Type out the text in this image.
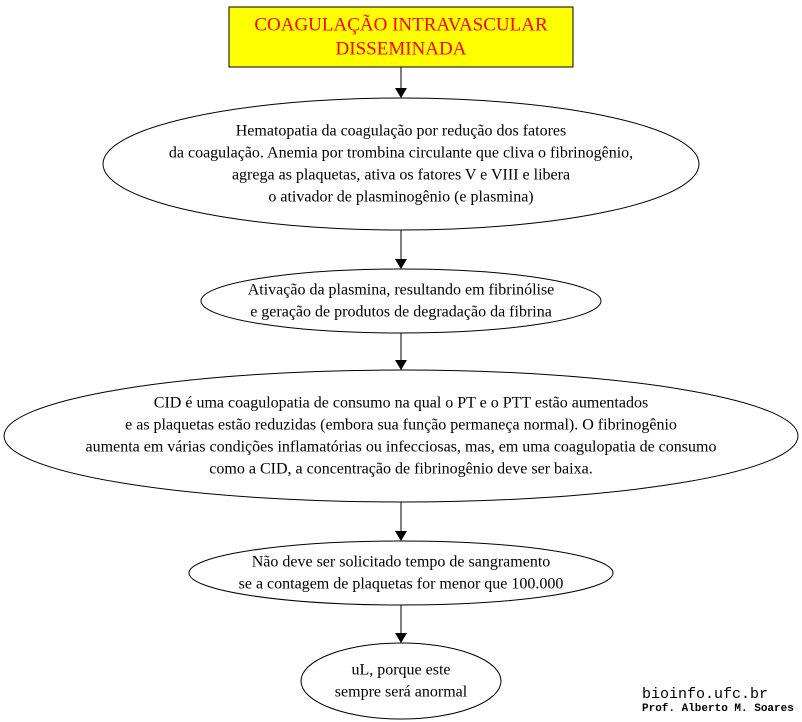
COAGULAÇÃO INTRAVASCULAR
DISSEMINADA
Hematopatia da coagulação por redução dos fatores
da coagulação. Anemia por trombina circulante que cliva o fibrinogênio,
agrega as plaquetas, ativa os fatores V e VIII e libera
o ativador de plasminogênio (e plasmina)
Ativação da plasmina, resultando em fibrinólise
e geração de produtos de degradação da fibrina
CID é uma coagulopatia de consumo na qual o PT e o PTT estão aumentados
e as plaquetas estão reduzidas (embora sua função permaneça normal). O fibrinogênio
aumenta em várias condições inflamatórias ou infecciosas, mas, em uma coagulopatia de consumo
como a CID, a concentração de fibrinogênio deve ser baixa.
Não deve ser solicitado tempo de sangramento
se a contagem de plaquetas for menor que 100.000
uL, porque este
sempre será anormal	bioinfo.ufc.br
Prof. Alberto M. Soares
